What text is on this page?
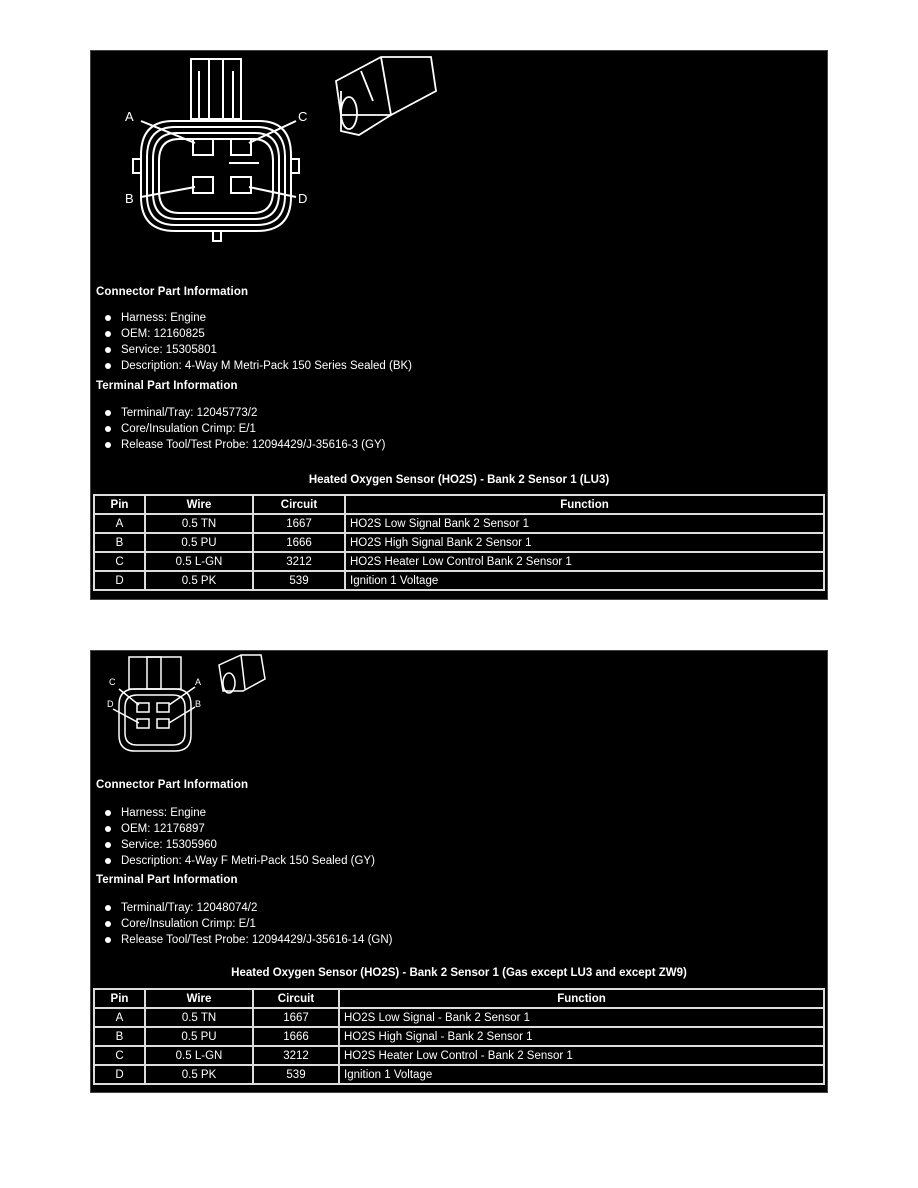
A
B
C
D
Connector Part Information
Harness: Engine
OEM: 12160825
Service: 15305801
Description: 4-Way M Metri-Pack 150 Series Sealed (BK)
Terminal Part Information
Terminal/Tray: 12045773/2
Core/Insulation Crimp: E/1
Release Tool/Test Probe: 12094429/J-35616-3 (GY)
Heated Oxygen Sensor (HO2S) - Bank 2 Sensor 1 (LU3)
Pin	Wire	Circuit	Function
A	0.5 TN	1667	HO2S Low Signal Bank 2 Sensor 1
B	0.5 PU	1666	HO2S High Signal Bank 2 Sensor 1
C	0.5 L-GN	3212	HO2S Heater Low Control Bank 2 Sensor 1
D	0.5 PK	539	Ignition 1 Voltage
C	A
D	B
Connector Part Information
Harness: Engine
OEM: 12176897
Service: 15305960
Description: 4-Way F Metri-Pack 150 Sealed (GY)
Terminal Part Information
Terminal/Tray: 12048074/2
Core/Insulation Crimp: E/1
Release Tool/Test Probe: 12094429/J-35616-14 (GN)
Heated Oxygen Sensor (HO2S) - Bank 2 Sensor 1 (Gas except LU3 and except ZW9)
Pin	Wire	Circuit	Function
A	0.5 TN	1667	HO2S Low Signal - Bank 2 Sensor 1
B	0.5 PU	1666	HO2S High Signal - Bank 2 Sensor 1
C	0.5 L-GN	3212	HO2S Heater Low Control - Bank 2 Sensor 1
D	0.5 PK	539	Ignition 1 Voltage
